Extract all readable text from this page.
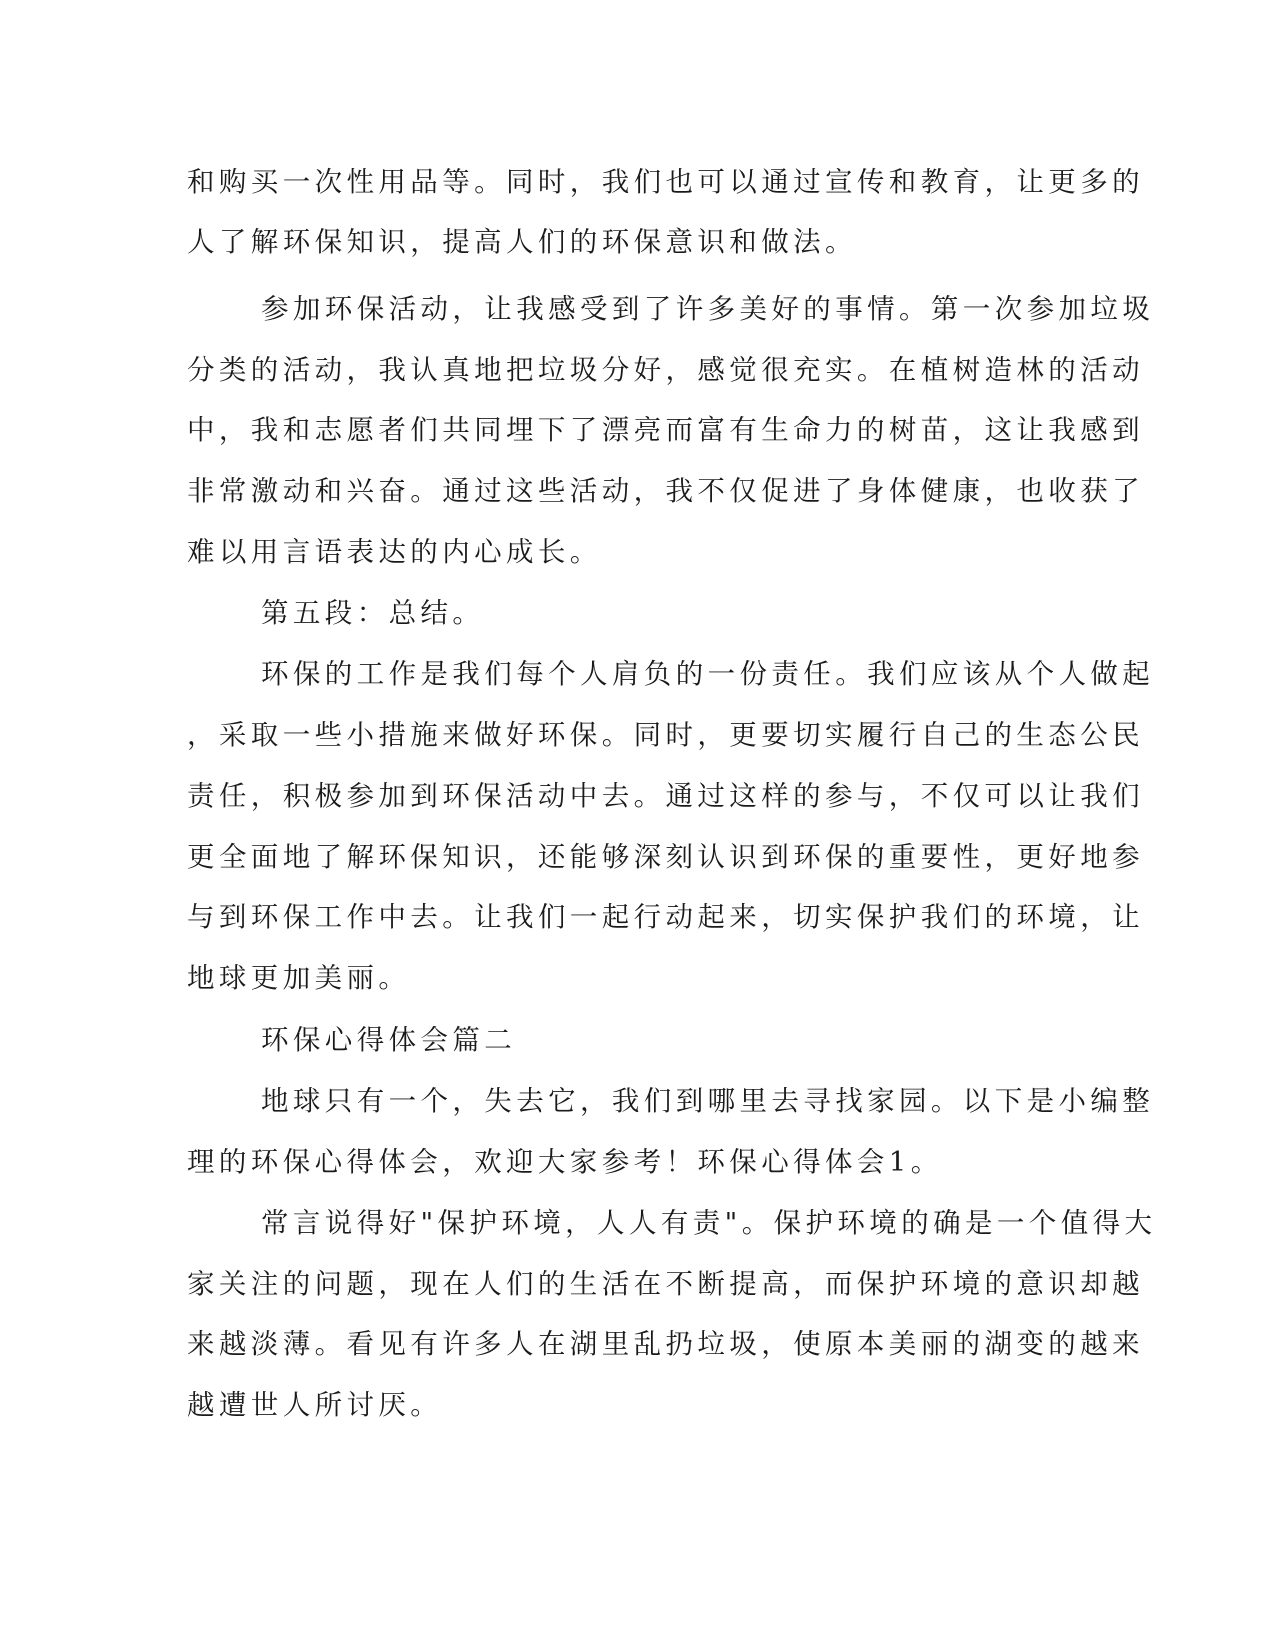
和购买一次性用品等。同时，我们也可以通过宣传和教育，让更多的
人了解环保知识，提高人们的环保意识和做法。
参加环保活动，让我感受到了许多美好的事情。第一次参加垃圾
分类的活动，我认真地把垃圾分好，感觉很充实。在植树造林的活动
中，我和志愿者们共同埋下了漂亮而富有生命力的树苗，这让我感到
非常激动和兴奋。通过这些活动，我不仅促进了身体健康，也收获了
难以用言语表达的内心成长。
第五段：总结。
环保的工作是我们每个人肩负的一份责任。我们应该从个人做起
，采取一些小措施来做好环保。同时，更要切实履行自己的生态公民
责任，积极参加到环保活动中去。通过这样的参与，不仅可以让我们
更全面地了解环保知识，还能够深刻认识到环保的重要性，更好地参
与到环保工作中去。让我们一起行动起来，切实保护我们的环境，让
地球更加美丽。
环保心得体会篇二
地球只有一个，失去它，我们到哪里去寻找家园。以下是小编整
理的环保心得体会，欢迎大家参考！环保心得体会1。
常言说得好"保护环境，人人有责"。保护环境的确是一个值得大
家关注的问题，现在人们的生活在不断提高，而保护环境的意识却越
来越淡薄。看见有许多人在湖里乱扔垃圾，使原本美丽的湖变的越来
越遭世人所讨厌。
